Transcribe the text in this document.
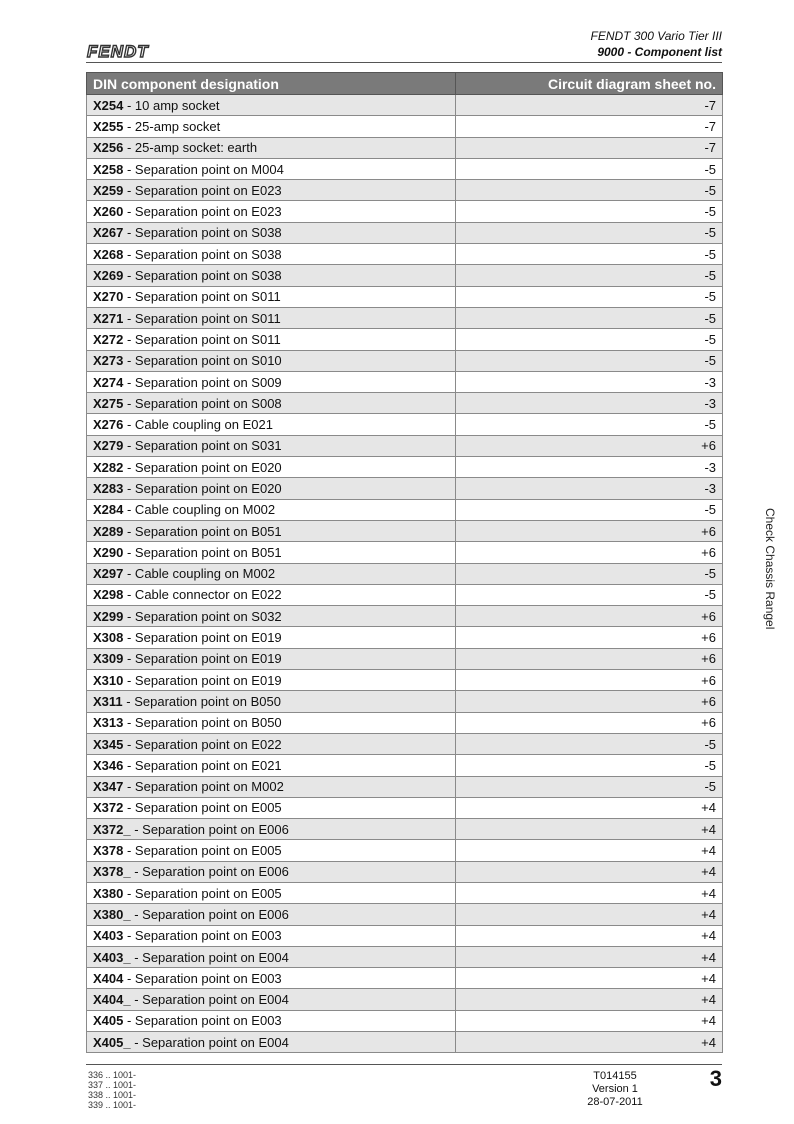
FENDT
FENDT 300 Vario Tier III
9000 - Component list
DIN component designation	Circuit diagram sheet no.
X254 - 10 amp socket	-7
X255 - 25-amp socket	-7
X256 - 25-amp socket: earth	-7
X258 - Separation point on M004	-5
X259 - Separation point on E023	-5
X260 - Separation point on E023	-5
X267 - Separation point on S038	-5
X268 - Separation point on S038	-5
X269 - Separation point on S038	-5
X270 - Separation point on S011	-5
X271 - Separation point on S011	-5
X272 - Separation point on S011	-5
X273 - Separation point on S010	-5
X274 - Separation point on S009	-3
X275 - Separation point on S008	-3
X276 - Cable coupling on E021	-5
X279 - Separation point on S031	+6
X282 - Separation point on E020	-3
X283 - Separation point on E020	-3
X284 - Cable coupling on M002	-5
X289 - Separation point on B051	+6
X290 - Separation point on B051	+6
X297 - Cable coupling on M002	-5
X298 - Cable connector on E022	-5
X299 - Separation point on S032	+6
X308 - Separation point on E019	+6
X309 - Separation point on E019	+6
X310 - Separation point on E019	+6
X311 - Separation point on B050	+6
X313 - Separation point on B050	+6
X345 - Separation point on E022	-5
X346 - Separation point on E021	-5
X347 - Separation point on M002	-5
X372 - Separation point on E005	+4
X372_ - Separation point on E006	+4
X378 - Separation point on E005	+4
X378_ - Separation point on E006	+4
X380 - Separation point on E005	+4
X380_ - Separation point on E006	+4
X403 - Separation point on E003	+4
X403_ - Separation point on E004	+4
X404 - Separation point on E003	+4
X404_ - Separation point on E004	+4
X405 - Separation point on E003	+4
X405_ - Separation point on E004	+4
Check Chassis Rangel
336 .. 1001-
337 .. 1001-
338 .. 1001-
339 .. 1001-
T014155
Version 1
28-07-2011
3
